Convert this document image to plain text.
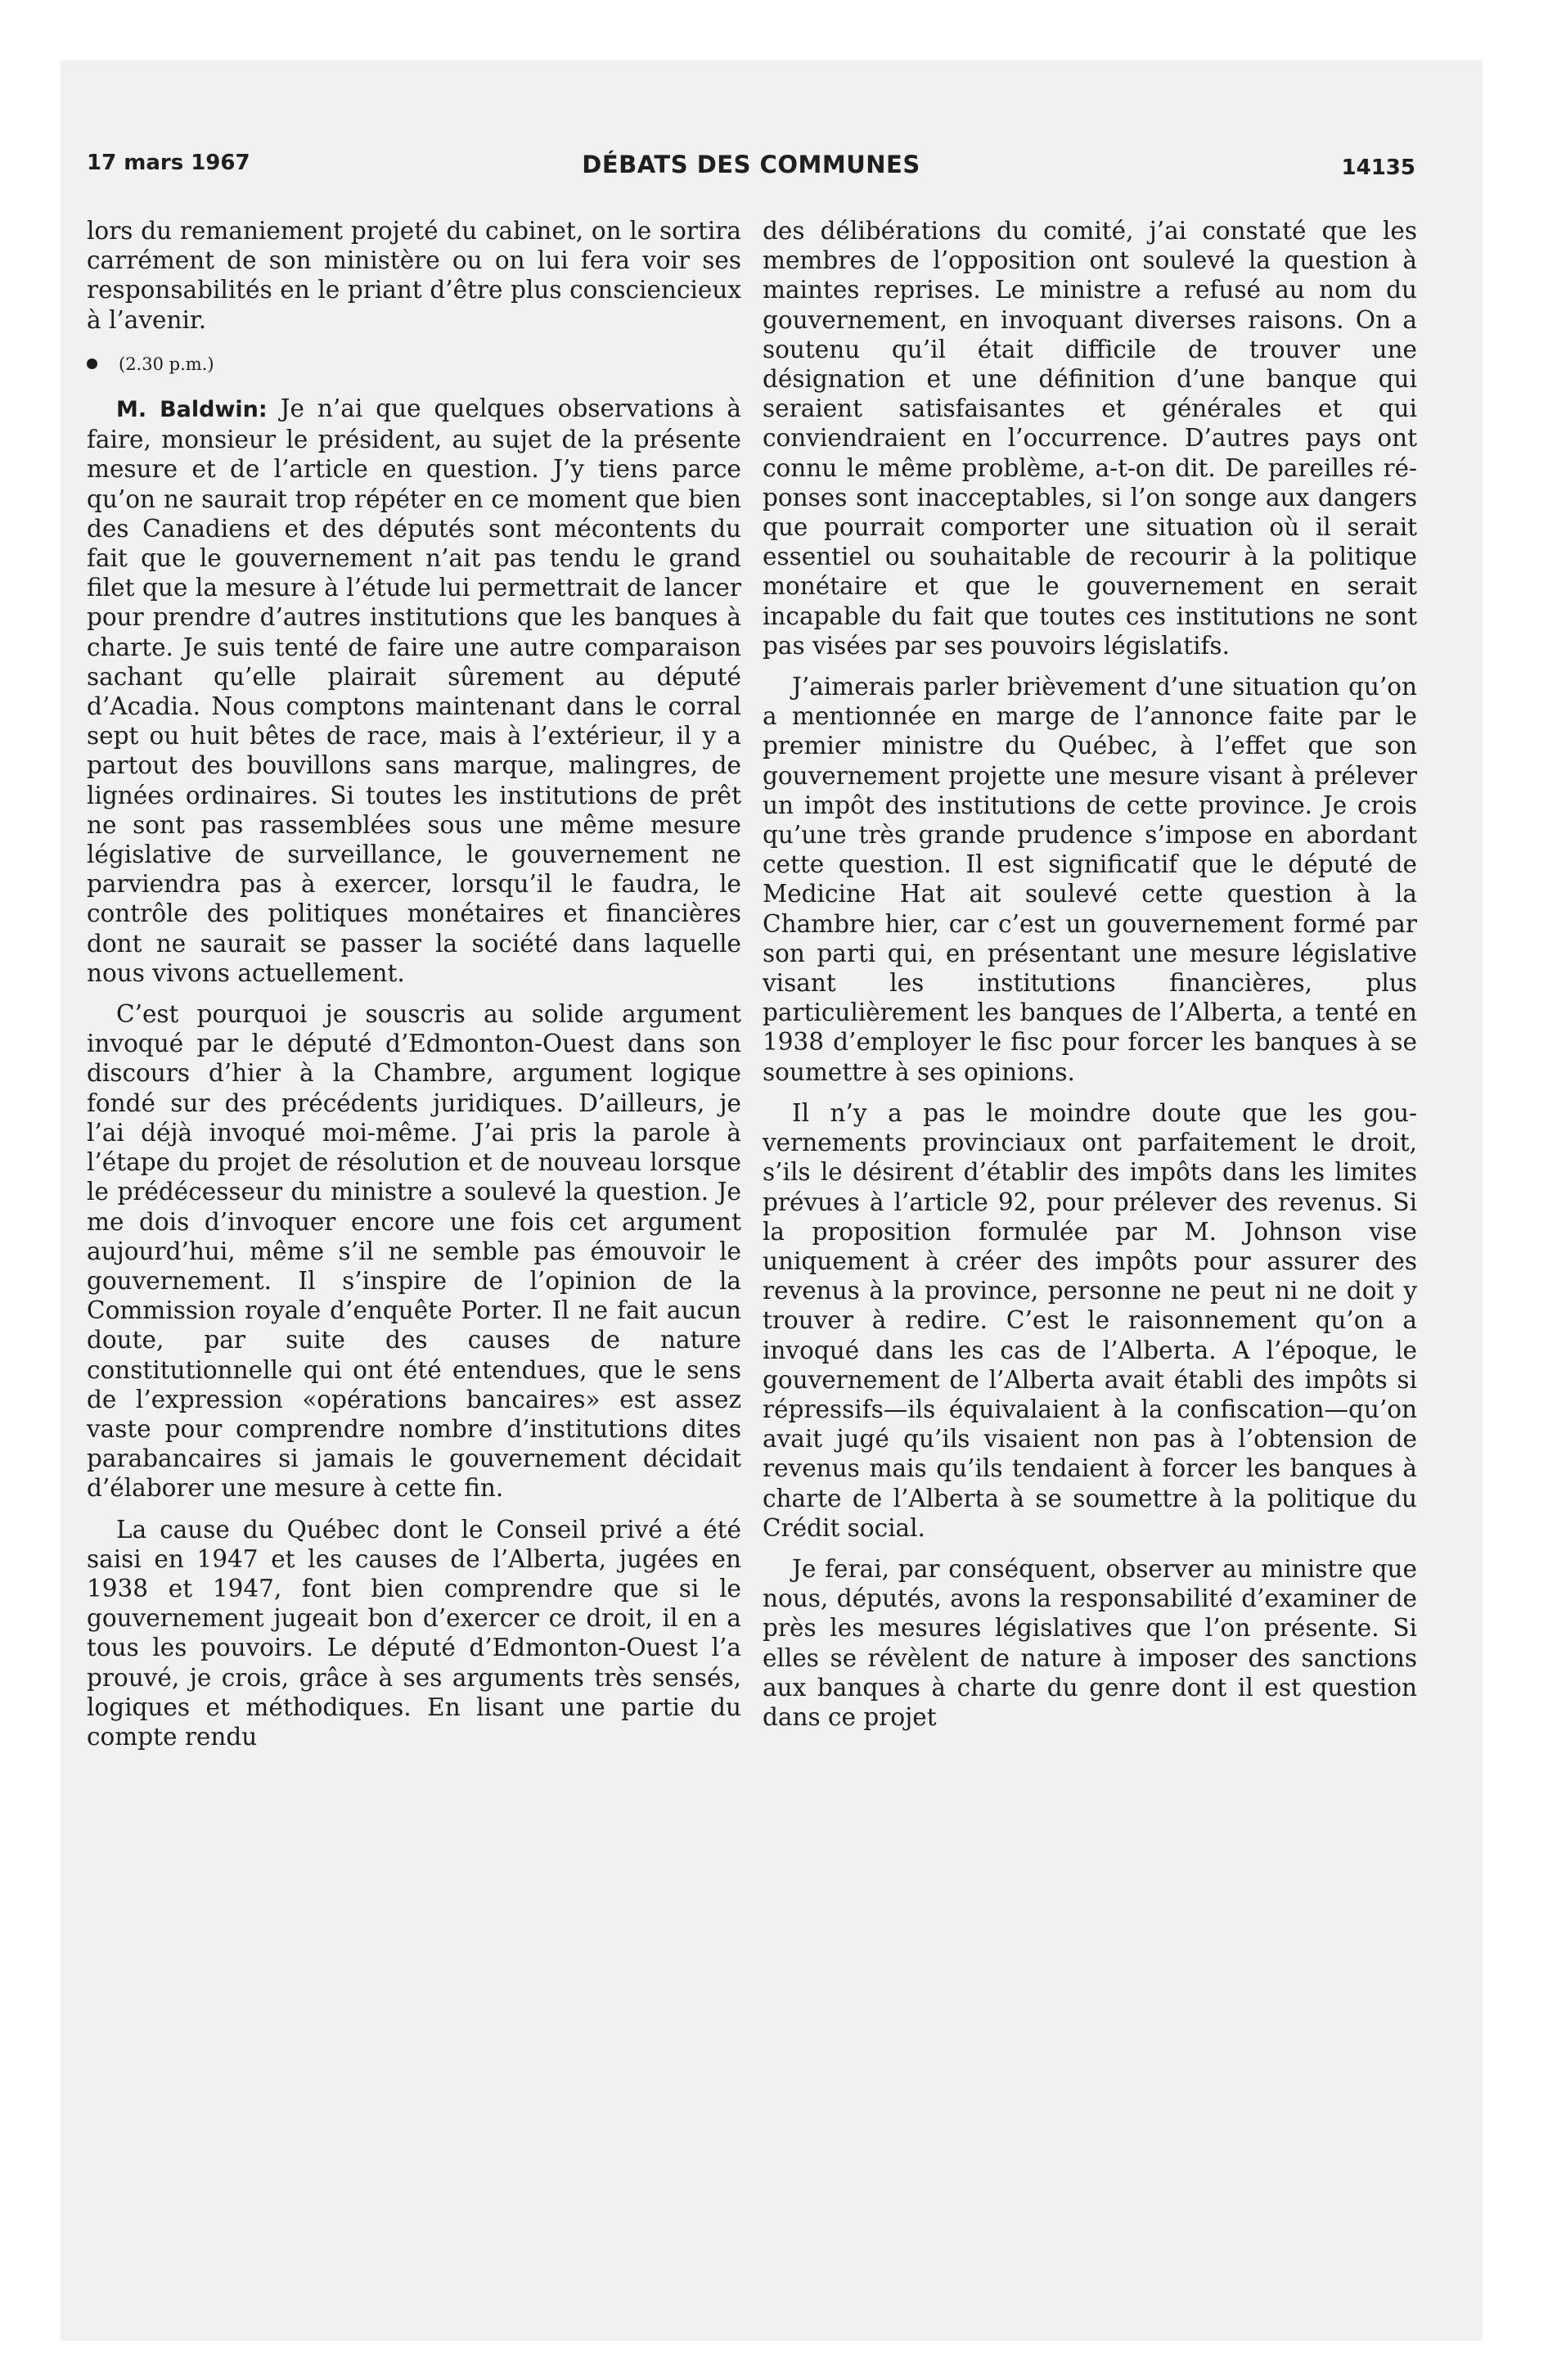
17 mars 1967	DÉBATS DES COMMUNES	14135

lors du remaniement projeté du cabinet, on le sortira carrément de son ministère ou on lui fera voir ses responsabilités en le priant d’être plus consciencieux à l’avenir.

(2.30 p.m.)

M. Baldwin: Je n’ai que quelques observations à faire, monsieur le président, au sujet de la présente mesure et de l’article en question. J’y tiens parce qu’on ne saurait trop répéter en ce moment que bien des Canadiens et des députés sont mécontents du fait que le gouvernement n’ait pas tendu le grand filet que la mesure à l’étude lui permettrait de lancer pour prendre d’autres institutions que les banques à charte. Je suis tenté de faire une autre comparaison sachant qu’elle plairait sûrement au député d’Acadia. Nous comptons maintenant dans le corral sept ou huit bêtes de race, mais à l’extérieur, il y a partout des bouvillons sans marque, malingres, de lignées ordinaires. Si toutes les institutions de prêt ne sont pas rassemblées sous une même mesure législative de surveillance, le gouvernement ne parviendra pas à exercer, lorsqu’il le faudra, le contrôle des politiques monétaires et financières dont ne saurait se passer la société dans laquelle nous vivons actuellement.

C’est pourquoi je souscris au solide argument invoqué par le député d’Edmonton-Ouest dans son discours d’hier à la Chambre, argument logique fondé sur des précédents juridiques. D’ailleurs, je l’ai déjà invoqué moi-même. J’ai pris la parole à l’étape du projet de résolution et de nouveau lorsque le prédécesseur du ministre a soulevé la question. Je me dois d’invoquer encore une fois cet argument aujourd’hui, même s’il ne semble pas émouvoir le gouvernement. Il s’inspire de l’opinion de la Commission royale d’enquête Porter. Il ne fait aucun doute, par suite des causes de nature constitutionnelle qui ont été entendues, que le sens de l’expression «opérations bancaires» est assez vaste pour comprendre nombre d’institutions dites parabancaires si jamais le gouvernement décidait d’élaborer une mesure à cette fin.

La cause du Québec dont le Conseil privé a été saisi en 1947 et les causes de l’Alberta, jugées en 1938 et 1947, font bien comprendre que si le gouvernement jugeait bon d’exercer ce droit, il en a tous les pouvoirs. Le député d’Edmonton-Ouest l’a prouvé, je crois, grâce à ses arguments très sensés, logiques et méthodiques. En lisant une partie du compte rendu

des délibérations du comité, j’ai constaté que les membres de l’opposition ont soulevé la question à maintes reprises. Le ministre a refusé au nom du gouvernement, en invoquant diverses raisons. On a soutenu qu’il était difficile de trouver une désignation et une définition d’une banque qui seraient satisfaisantes et générales et qui conviendraient en l’occurrence. D’autres pays ont connu le même problème, a-t-on dit. De pareilles réponses sont inacceptables, si l’on songe aux dangers que pourrait comporter une situation où il serait essentiel ou souhaitable de recourir à la politique monétaire et que le gouvernement en serait incapable du fait que toutes ces institutions ne sont pas visées par ses pouvoirs législatifs.

J’aimerais parler brièvement d’une situation qu’on a mentionnée en marge de l’annonce faite par le premier ministre du Québec, à l’effet que son gouvernement projette une mesure visant à prélever un impôt des institutions de cette province. Je crois qu’une très grande prudence s’impose en abordant cette question. Il est significatif que le député de Medicine Hat ait soulevé cette question à la Chambre hier, car c’est un gouvernement formé par son parti qui, en présentant une mesure législative visant les institutions financières, plus particulièrement les banques de l’Alberta, a tenté en 1938 d’employer le fisc pour forcer les banques à se soumettre à ses opinions.

Il n’y a pas le moindre doute que les gouvernements provinciaux ont parfaitement le droit, s’ils le désirent d’établir des impôts dans les limites prévues à l’article 92, pour prélever des revenus. Si la proposition formulée par M. Johnson vise uniquement à créer des impôts pour assurer des revenus à la province, personne ne peut ni ne doit y trouver à redire. C’est le raisonnement qu’on a invoqué dans les cas de l’Alberta. A l’époque, le gouvernement de l’Alberta avait établi des impôts si répressifs—ils équivalaient à la confiscation—qu’on avait jugé qu’ils visaient non pas à l’obtension de revenus mais qu’ils tendaient à forcer les banques à charte de l’Alberta à se soumettre à la politique du Crédit social.

Je ferai, par conséquent, observer au ministre que nous, députés, avons la responsabilité d’examiner de près les mesures législatives que l’on présente. Si elles se révèlent de nature à imposer des sanctions aux banques à charte du genre dont il est question dans ce projet
